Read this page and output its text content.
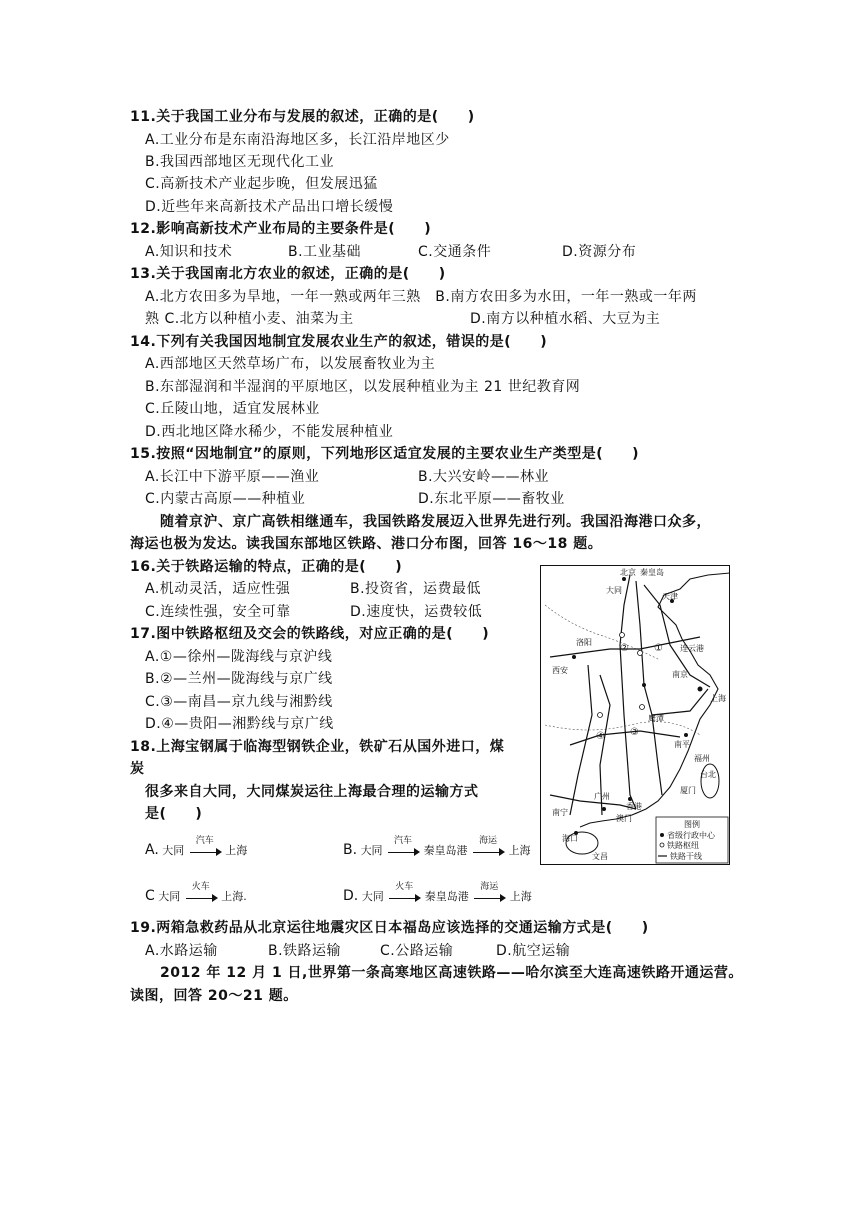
11.关于我国工业分布与发展的叙述，正确的是(　　)
A.工业分布是东南沿海地区多，长江沿岸地区少
B.我国西部地区无现代化工业
C.高新技术产业起步晚，但发展迅猛
D.近些年来高新技术产品出口增长缓慢
12.影响高新技术产业布局的主要条件是(　　)
A.知识和技术	B.工业基础	C.交通条件	D.资源分布
13.关于我国南北方农业的叙述，正确的是(　　)
A.北方农田多为旱地，一年一熟或两年三熟　B.南方农田多为水田，一年一熟或一年两
熟 C.北方以种植小麦、油菜为主	D.南方以种植水稻、大豆为主
14.下列有关我国因地制宜发展农业生产的叙述，错误的是(　　)
A.西部地区天然草场广布，以发展畜牧业为主
B.东部湿润和半湿润的平原地区，以发展种植业为主 21 世纪教育网
C.丘陵山地，适宜发展林业
D.西北地区降水稀少，不能发展种植业
15.按照“因地制宜”的原则，下列地形区适宜发展的主要农业生产类型是(　　)
A.长江中下游平原——渔业	B.大兴安岭——林业
C.内蒙古高原——种植业	D.东北平原——畜牧业
随着京沪、京广高铁相继通车，我国铁路发展迈入世界先进行列。我国沿海港口众多，
海运也极为发达。读我国东部地区铁路、港口分布图，回答 16～18 题。
16.关于铁路运输的特点，正确的是(　　)
A.机动灵活，适应性强	B.投资省，运费最低
C.连续性强，安全可靠	D.速度快，运费较低
17.图中铁路枢纽及交会的铁路线，对应正确的是(　　)
A.①—徐州—陇海线与京沪线
B.②—兰州—陇海线与京广线
C.③—南昌—京九线与湘黔线
D.④—贵阳—湘黔线与京广线
18.上海宝钢属于临海型钢铁企业，铁矿石从国外进口，煤
炭
很多来自大同，大同煤炭运往上海最合理的运输方式
是(　　)
A. 大同
汽车
上海	B. 大同
汽车
秦皇岛港
海运
上海
C 大同
火车
上海.	D. 大同
火车
秦皇岛港
海运
上海
19.两箱急救药品从北京运往地震灾区日本福岛应该选择的交通运输方式是(　　)
A.水路运输	B.铁路运输	C.公路运输	D.航空运输
2012 年 12 月 1 日,世界第一条高寒地区高速铁路——哈尔滨至大连高速铁路开通运营。
读图，回答 20～21 题。
北京 秦皇岛
大同
天津
连云港
洛阳
西安	南京
上海
鹰潭
南平
福州
台北
厦门
广州
香港
澳门
南宁
海口
文昌
①
②
③
④
图例
省级行政中心
铁路枢纽
铁路干线
